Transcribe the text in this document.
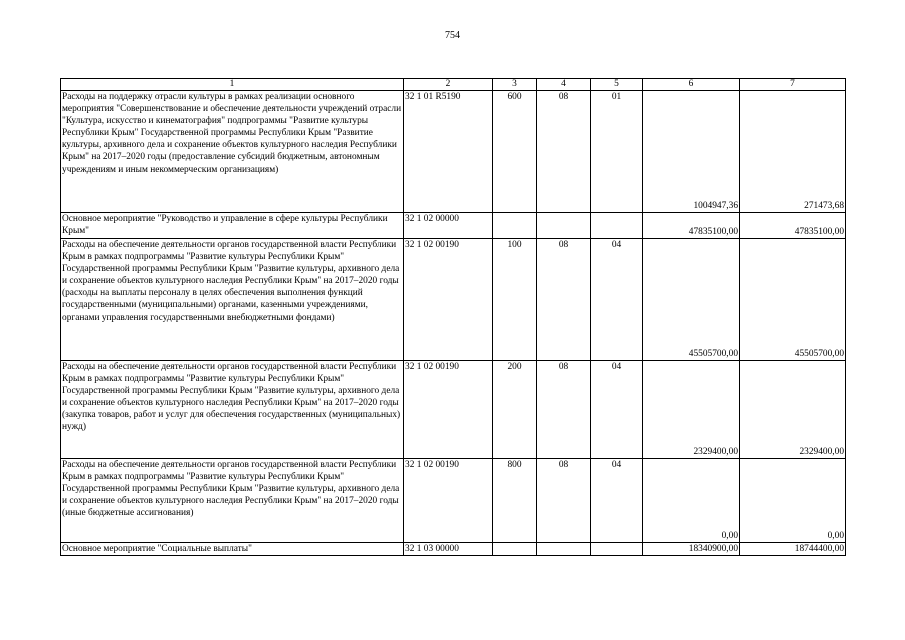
754
1	2	3	4	5	6	7
Расходы на поддержку отрасли культуры в рамках реализации основного мероприятия "Совершенствование и обеспечение деятельности учреждений отрасли "Культура, искусство и кинематография" подпрограммы "Развитие культуры Республики Крым" Государственной программы Республики Крым "Развитие культуры, архивного дела и сохранение объектов культурного наследия Республики Крым" на 2017–2020 годы (предоставление субсидий бюджетным, автономным учреждениям и иным некоммерческим организациям)	32 1 01 R5190	600	08	01	1004947,36	271473,68
Основное мероприятие "Руководство и управление в сфере культуры Республики Крым"	32 1 02 00000				47835100,00	47835100,00
Расходы на обеспечение деятельности органов государственной власти Республики Крым в рамках подпрограммы "Развитие культуры Республики Крым" Государственной программы Республики Крым "Развитие культуры, архивного дела и сохранение объектов культурного наследия Республики Крым" на 2017–2020 годы (расходы на выплаты персоналу в целях обеспечения выполнения функций государственными (муниципальными) органами, казенными учреждениями, органами управления государственными внебюджетными фондами)	32 1 02 00190	100	08	04	45505700,00	45505700,00
Расходы на обеспечение деятельности органов государственной власти Республики Крым в рамках подпрограммы "Развитие культуры Республики Крым" Государственной программы Республики Крым "Развитие культуры, архивного дела и сохранение объектов культурного наследия Республики Крым" на 2017–2020 годы (закупка товаров, работ и услуг для обеспечения государственных (муниципальных) нужд)	32 1 02 00190	200	08	04	2329400,00	2329400,00
Расходы на обеспечение деятельности органов государственной власти Республики Крым в рамках подпрограммы "Развитие культуры Республики Крым" Государственной программы Республики Крым "Развитие культуры, архивного дела и сохранение объектов культурного наследия Республики Крым" на 2017–2020 годы (иные бюджетные ассигнования)	32 1 02 00190	800	08	04	0,00	0,00
Основное мероприятие "Социальные выплаты"	32 1 03 00000				18340900,00	18744400,00
